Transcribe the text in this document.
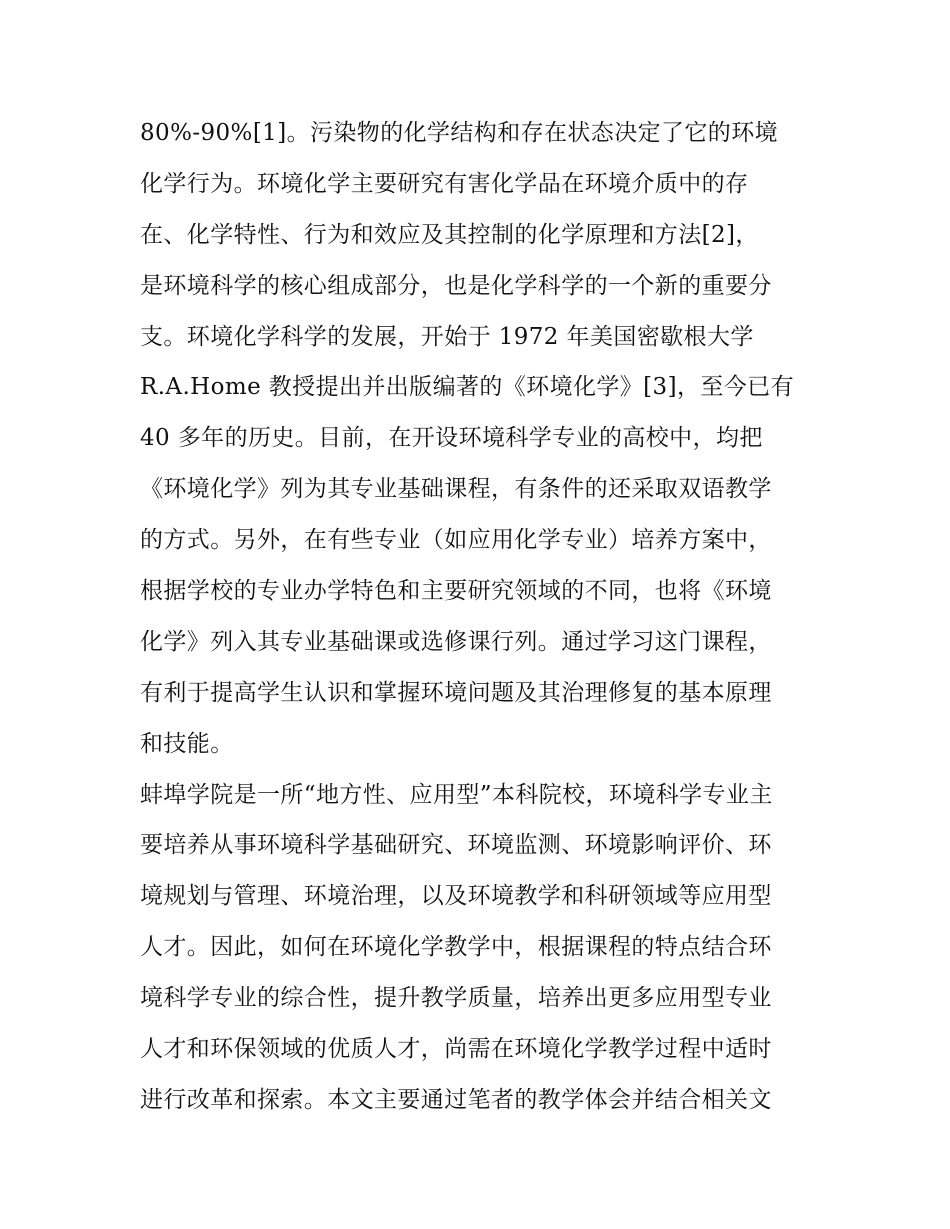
80%-90%[1]。污染物的化学结构和存在状态决定了它的环境
化学行为。环境化学主要研究有害化学品在环境介质中的存
在、化学特性、行为和效应及其控制的化学原理和方法[2]，
是环境科学的核心组成部分，也是化学科学的一个新的重要分
支。环境化学科学的发展，开始于 1972 年美国密歇根大学
R.A.Home 教授提出并出版编著的《环境化学》[3]，至今已有
40 多年的历史。目前，在开设环境科学专业的高校中，均把
《环境化学》列为其专业基础课程，有条件的还采取双语教学
的方式。另外，在有些专业（如应用化学专业）培养方案中，
根据学校的专业办学特色和主要研究领域的不同，也将《环境
化学》列入其专业基础课或选修课行列。通过学习这门课程，
有利于提高学生认识和掌握环境问题及其治理修复的基本原理
和技能。
蚌埠学院是一所“地方性、应用型”本科院校，环境科学专业主
要培养从事环境科学基础研究、环境监测、环境影响评价、环
境规划与管理、环境治理，以及环境教学和科研领域等应用型
人才。因此，如何在环境化学教学中，根据课程的特点结合环
境科学专业的综合性，提升教学质量，培养出更多应用型专业
人才和环保领域的优质人才，尚需在环境化学教学过程中适时
进行改革和探索。本文主要通过笔者的教学体会并结合相关文
